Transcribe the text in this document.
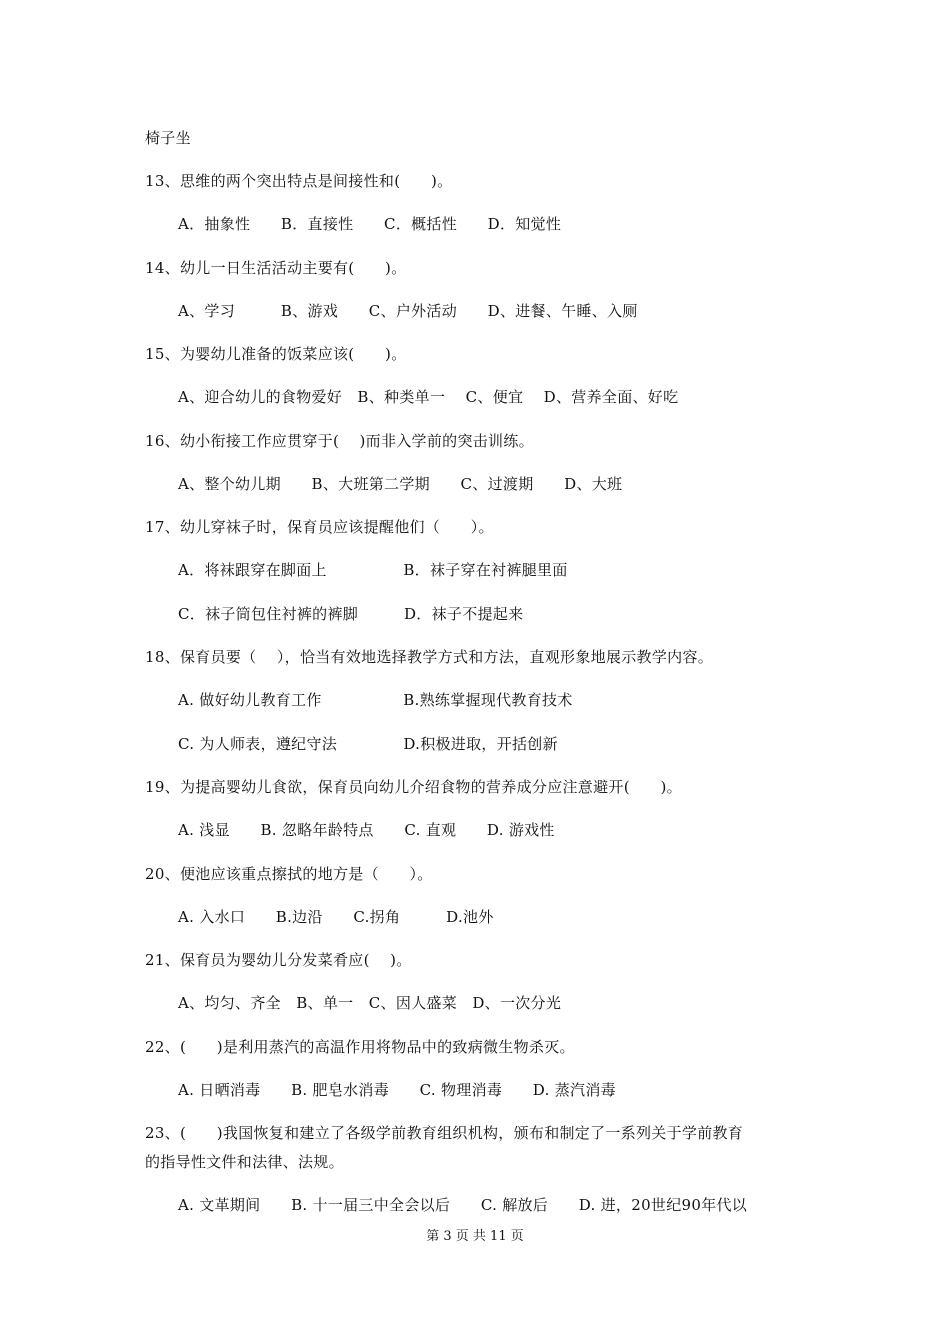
椅子坐
13、思维的两个突出特点是间接性和(　　)。
A．抽象性　　B．直接性　　C．概括性　　D．知觉性
14、幼儿一日生活活动主要有(　　)。
A、学习　　　B、游戏　　C、户外活动　　D、进餐、午睡、入厕
15、为婴幼儿准备的饭菜应该(　　)。
A、迎合幼儿的食物爱好　B、种类单一　 C、便宜　 D、营养全面、好吃
16、幼小衔接工作应贯穿于(　 )而非入学前的突击训练。
A、整个幼儿期　　B、大班第二学期　　C、过渡期　　D、大班
17、幼儿穿袜子时，保育员应该提醒他们（　　）。
A．将袜跟穿在脚面上　　　　　B．袜子穿在衬裤腿里面
C．袜子筒包住衬裤的裤脚　　　D．袜子不提起来
18、保育员要（　 ），恰当有效地选择教学方式和方法，直观形象地展示教学内容。
A. 做好幼儿教育工作　　　　　 B.熟练掌握现代教育技术
C. 为人师表，遵纪守法　　　　 D.积极进取，开括创新
19、为提高婴幼儿食欲，保育员向幼儿介绍食物的营养成分应注意避开(　　)。
A. 浅显　　B. 忽略年龄特点　　C. 直观　　D. 游戏性
20、便池应该重点擦拭的地方是（　　）。
A. 入水口　　B.边沿　　C.拐角　　　D.池外
21、保育员为婴幼儿分发菜肴应(　 )。
A、均匀、齐全　B、单一　C、因人盛菜　D、一次分光
22、(　　)是利用蒸汽的高温作用将物品中的致病微生物杀灭。
A. 日晒消毒　　B. 肥皂水消毒　　C. 物理消毒　　D. 蒸汽消毒
23、(　　)我国恢复和建立了各级学前教育组织机构，颁布和制定了一系列关于学前教育
的指导性文件和法律、法规。
A. 文革期间　　B. 十一届三中全会以后　　C. 解放后　　D. 进，20世纪90年代以
第 3 页 共 11 页
